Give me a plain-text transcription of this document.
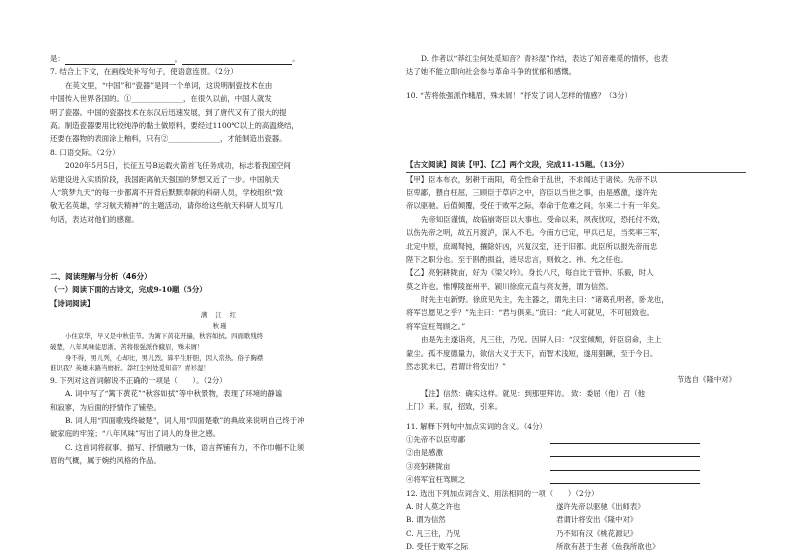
是：	，	。
7. 结合上下文，在画线处补写句子，使语意连贯。（2分）
在英文里，“中国”和“瓷器”是同一个单词，这说明制瓷技术在由
中国传入世界各国的。①______________，在很久以前，中国人就发
明了瓷器。中国的瓷器技术在东汉后迅速发展，到了唐代又有了很大的提
高。制造瓷器要用比较纯净的黏土做原料，要经过1100℃以上的高温烧结，
还要在器物的表面涂上釉料，只有②______________，才能制造出瓷器。
8. 口语交际。（2分）
2020年5月5日，长征五号B运载火箭首飞任务成功，标志着我国空间
站建设进入实质阶段，我国距离航天强国的梦想又近了一步。中国航天
人“筑梦九天”的每一步都离不开背后默默奉献的科研人员，学校组织“致
敬无名英雄，学习航天精神”的主题活动，请你给这些航天科研人员写几
句话，表达对他们的感谢。
二、阅读理解与分析（46分）
（一）阅读下面的古诗文，完成9-10题（5分）
【诗词阅读】
满 江 红
秋瑾
小住京华，早又是中秋佳节。为篱下黄花开遍，秋容如拭。四面歌残终
破楚，八年风味徒思浙。苦将侬强派作蛾眉，殊未屑！
身不得，男儿列，心却比，男儿烈。算平生肝胆，因人常热。俗子胸襟
谁识我？英雄末路当磨折。莽红尘何处觅知音？青衫湿！
9. 下列对这首词解说不正确的一项是（　　）。（2分）
A. 词中写了“篱下黄花”“秋容如拭”等中秋景物，表现了环境的静谧
和寂寥，为后面的抒情作了铺垫。
B. 词人用“四面歌残终破楚”，词人用“四面楚歌”的典故来说明自己终于冲
破家庭的牢笼；“八年风味”写出了词人的身世之感。
C. 这首词将叙事、描写、抒情融为一体，语言挥铺有力，不作巾帼不让须
眉的气概，属于婉约风格的作品。
D. 作者以“莽红尘何处觅知音？青衫湿”作结，表达了知音难觅的情怀，也表
达了她不能立即向社会参与革命斗争的忧郁和感慨。
10. “苦将侬强派作蛾眉，殊未屑！”抒发了词人怎样的情感？（3分）
【古文阅读】阅读【甲】、【乙】两个文段，完成11-15题。（13分）
【甲】臣本布衣，躬耕于南阳，苟全性命于乱世，不求闻达于诸侯。先帝不以
臣卑鄙，猥自枉屈，三顾臣于草庐之中，咨臣以当世之事，由是感激，遂许先
帝以驱驰。后值倾覆，受任于败军之际，奉命于危难之间，尔来二十有一年矣。
先帝知臣谨慎，故临崩寄臣以大事也。受命以来，夙夜忧叹，恐托付不效，
以伤先帝之明，故五月渡泸，深入不毛。今南方已定，甲兵已足，当奖率三军，
北定中原，庶竭驽钝，攘除奸凶，兴复汉室，还于旧都。此臣所以报先帝而忠
陛下之职分也。至于斟酌损益，进尽忠言，则攸之、祎、允之任也。
【乙】亮躬耕陇亩，好为《梁父吟》。身长八尺，每自比于管仲、乐毅，时人
莫之许也。惟博陵崔州平、颍川徐庶元直与亮友善，谓为信然。
时先主屯新野。徐庶见先主，先主器之，谓先主曰：“诸葛孔明者，卧龙也，
将军岂愿见之乎？”先主曰：“君与俱来。”庶曰：“此人可就见，不可屈致也。
将军宜枉驾顾之。”
由是先主遂诣亮，凡三往，乃见。因屏人曰：“汉室倾颓，奸臣窃命，主上
蒙尘。孤不度德量力，欲信大义于天下，而智术浅短，遂用猖蹶，至于今日。
然志犹未已，君谓计将安出？”
节选自《隆中对》
【注】信然：确实这样。就见：到那里拜访。 致：委屈（他）召（他
上门）来。驭，招致，引来。
11. 解释下列句中加点实词的含义。（4分）
①先帝不以臣卑鄙
②由是感激
③亮躬耕陇亩
④将军宜枉驾顾之
12. 选出下列加点词含义、用法相同的一项（　　）（2分）
A. 时人莫之许也	遂许先帝以驱驰《出师表》
B. 谓为信然	君谓计将安出《隆中对》
C. 凡三往，乃见	乃不知有汉《桃花源记》
D. 受任于败军之际	所欲有甚于生者《鱼我所欲也》
